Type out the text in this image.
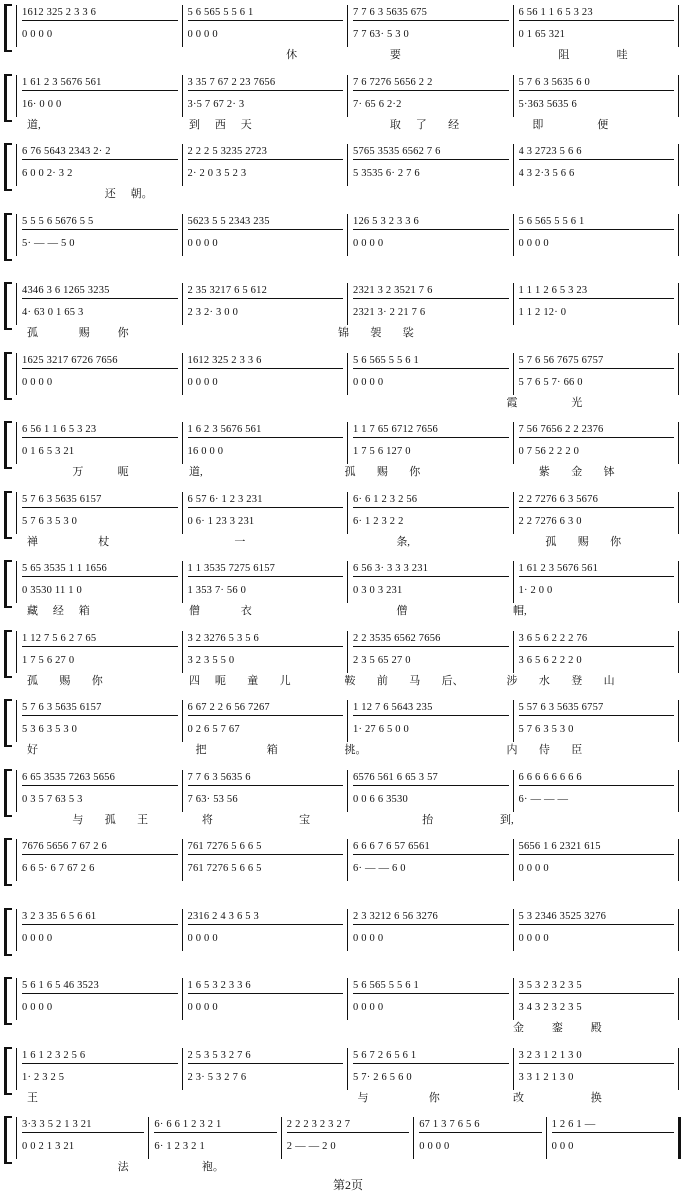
1612 325 2 3 3 6	5 6 565 5 5 6 1	7 7 6 3 5635 675	6 56 1 1 6 5 3 23
0 0 0 0	0 0 0 0	7 7 63· 5 3 0	0 1 65 321
休	要	阻	哇
1 61 2 3 5676 561	3 35 7 67 2 23 7656	7 6 7276 5656 2 2	5 7 6 3 5635 6 0
16· 0 0 0	3·5 7 67 2· 3	7· 65 6 2·2	5·363 5635 6
道,	到 西 天	取 了 经	即	便
6 76 5643 2343 2· 2	2 2 2 5 3235 2723	5765 3535 6562 7 6	4 3 2723 5 6 6
6 0 0 2· 3 2	2· 2 0 3 5 2 3	5 3535 6· 2 7 6	4 3 2·3 5 6 6
还 朝。
5 5 5 6 5676 5 5	5623 5 5 2343 235	126 5 3 2 3 3 6	5 6 565 5 5 6 1
5· — — 5 0	0 0 0 0	0 0 0 0	0 0 0 0
4346 3 6 1265 3235	2 35 3217 6 5 612	2321 3 2 3521 7 6	1 1 1 2 6 5 3 23
4· 63 0 1 65 3	2 3 2· 3 0 0	2321 3· 2 21 7 6	1 1 2 12· 0
孤	赐	你	锦 袈 裟
1625 3217 6726 7656	1612 325 2 3 3 6	5 6 565 5 5 6 1	5 7 6 56 7675 6757
0 0 0 0	0 0 0 0	0 0 0 0	5 7 6 5 7· 66 0
霞	光
6 56 1 1 6 5 3 23	1 6 2 3 5676 561	1 1 7 65 6712 7656	7 56 7656 2 2 2376
0 1 6 5 3 21	16 0 0 0	1 7 5 6 127 0	0 7 56 2 2 2 0
万	呃	道,	孤 赐 你	紫 金 钵
5 7 6 3 5635 6157	6 57 6· 1 2 3 231	6· 6 1 2 3 2 56	2 2 7276 6 3 5676
5 7 6 3 5 3 0	0 6· 1 23 3 231	6· 1 2 3 2 2	2 2 7276 6 3 0
禅	杖	一	条,	孤 赐 你
5 65 3535 1 1 1656	1 1 3535 7275 6157	6 56 3· 3 3 3 231	1 61 2 3 5676 561
0 3530 11 1 0	1 353 7· 56 0	0 3 0 3 231	1· 2 0 0
藏 经 箱	僧	衣	僧	帽,
1 12 7 5 6 2 7 65	3 2 3276 5 3 5 6	2 2 3535 6562 7656	3 6 5 6 2 2 2 76
1 7 5 6 27 0	3 2 3 5 5 0	2 3 5 65 27 0	3 6 5 6 2 2 2 0
孤 赐 你	四 呃 童 儿	鞍 前 马 后、	涉 水 登 山
5 7 6 3 5635 6157	6 67 2 2 6 56 7267	1 12 7 6 5643 235	5 57 6 3 5635 6757
5 3 6 3 5 3 0	0 2 6 5 7 67	1· 27 6 5 0 0	5 7 6 3 5 3 0
好	把	箱	挑。	内 侍 臣
6 65 3535 7263 5656	7 7 6 3 5635 6	6576 561 6 65 3 57	6 6 6 6 6 6 6 6
0 3 5 7 63 5 3	7 63· 53 56	0 0 6 6 3530	6· — — —
与 孤 王	将	宝	抬	到,
7676 5656 7 67 2 6	761 7276 5 6 6 5	6 6 6 7 6 57 6561	5656 1 6 2321 615
6 6 5· 6 7 67 2 6	761 7276 5 6 6 5	6· — — 6 0	0 0 0 0
3 2 3 35 6 5 6 61	2316 2 4 3 6 5 3	2 3 3212 6 56 3276	5 3 2346 3525 3276
0 0 0 0	0 0 0 0	0 0 0 0	0 0 0 0
5 6 1 6 5 46 3523	1 6 5 3 2 3 3 6	5 6 565 5 5 6 1	3 5 3 2 3 2 3 5
0 0 0 0	0 0 0 0	0 0 0 0	3 4 3 2 3 2 3 5
金	銮	殿
1 6 1 2 3 2 5 6	2 5 3 5 3 2 7 6	5 6 7 2 6 5 6 1	3 2 3 1 2 1 3 0
1· 2 3 2 5	2 3· 5 3 2 7 6	5 7· 2 6 5 6 0	3 3 1 2 1 3 0
王	与	你	改	换
3·3 3 5 2 1 3 21	6· 6 6 1 2 3 2 1	2 2 2 3 2 3 2 7	67 1 3 7 6 5 6	1 2 6 1 —
0 0 2 1 3 21	6· 1 2 3 2 1	2 — — 2 0	0 0 0 0	0 0 0
法	袍。
第2页
